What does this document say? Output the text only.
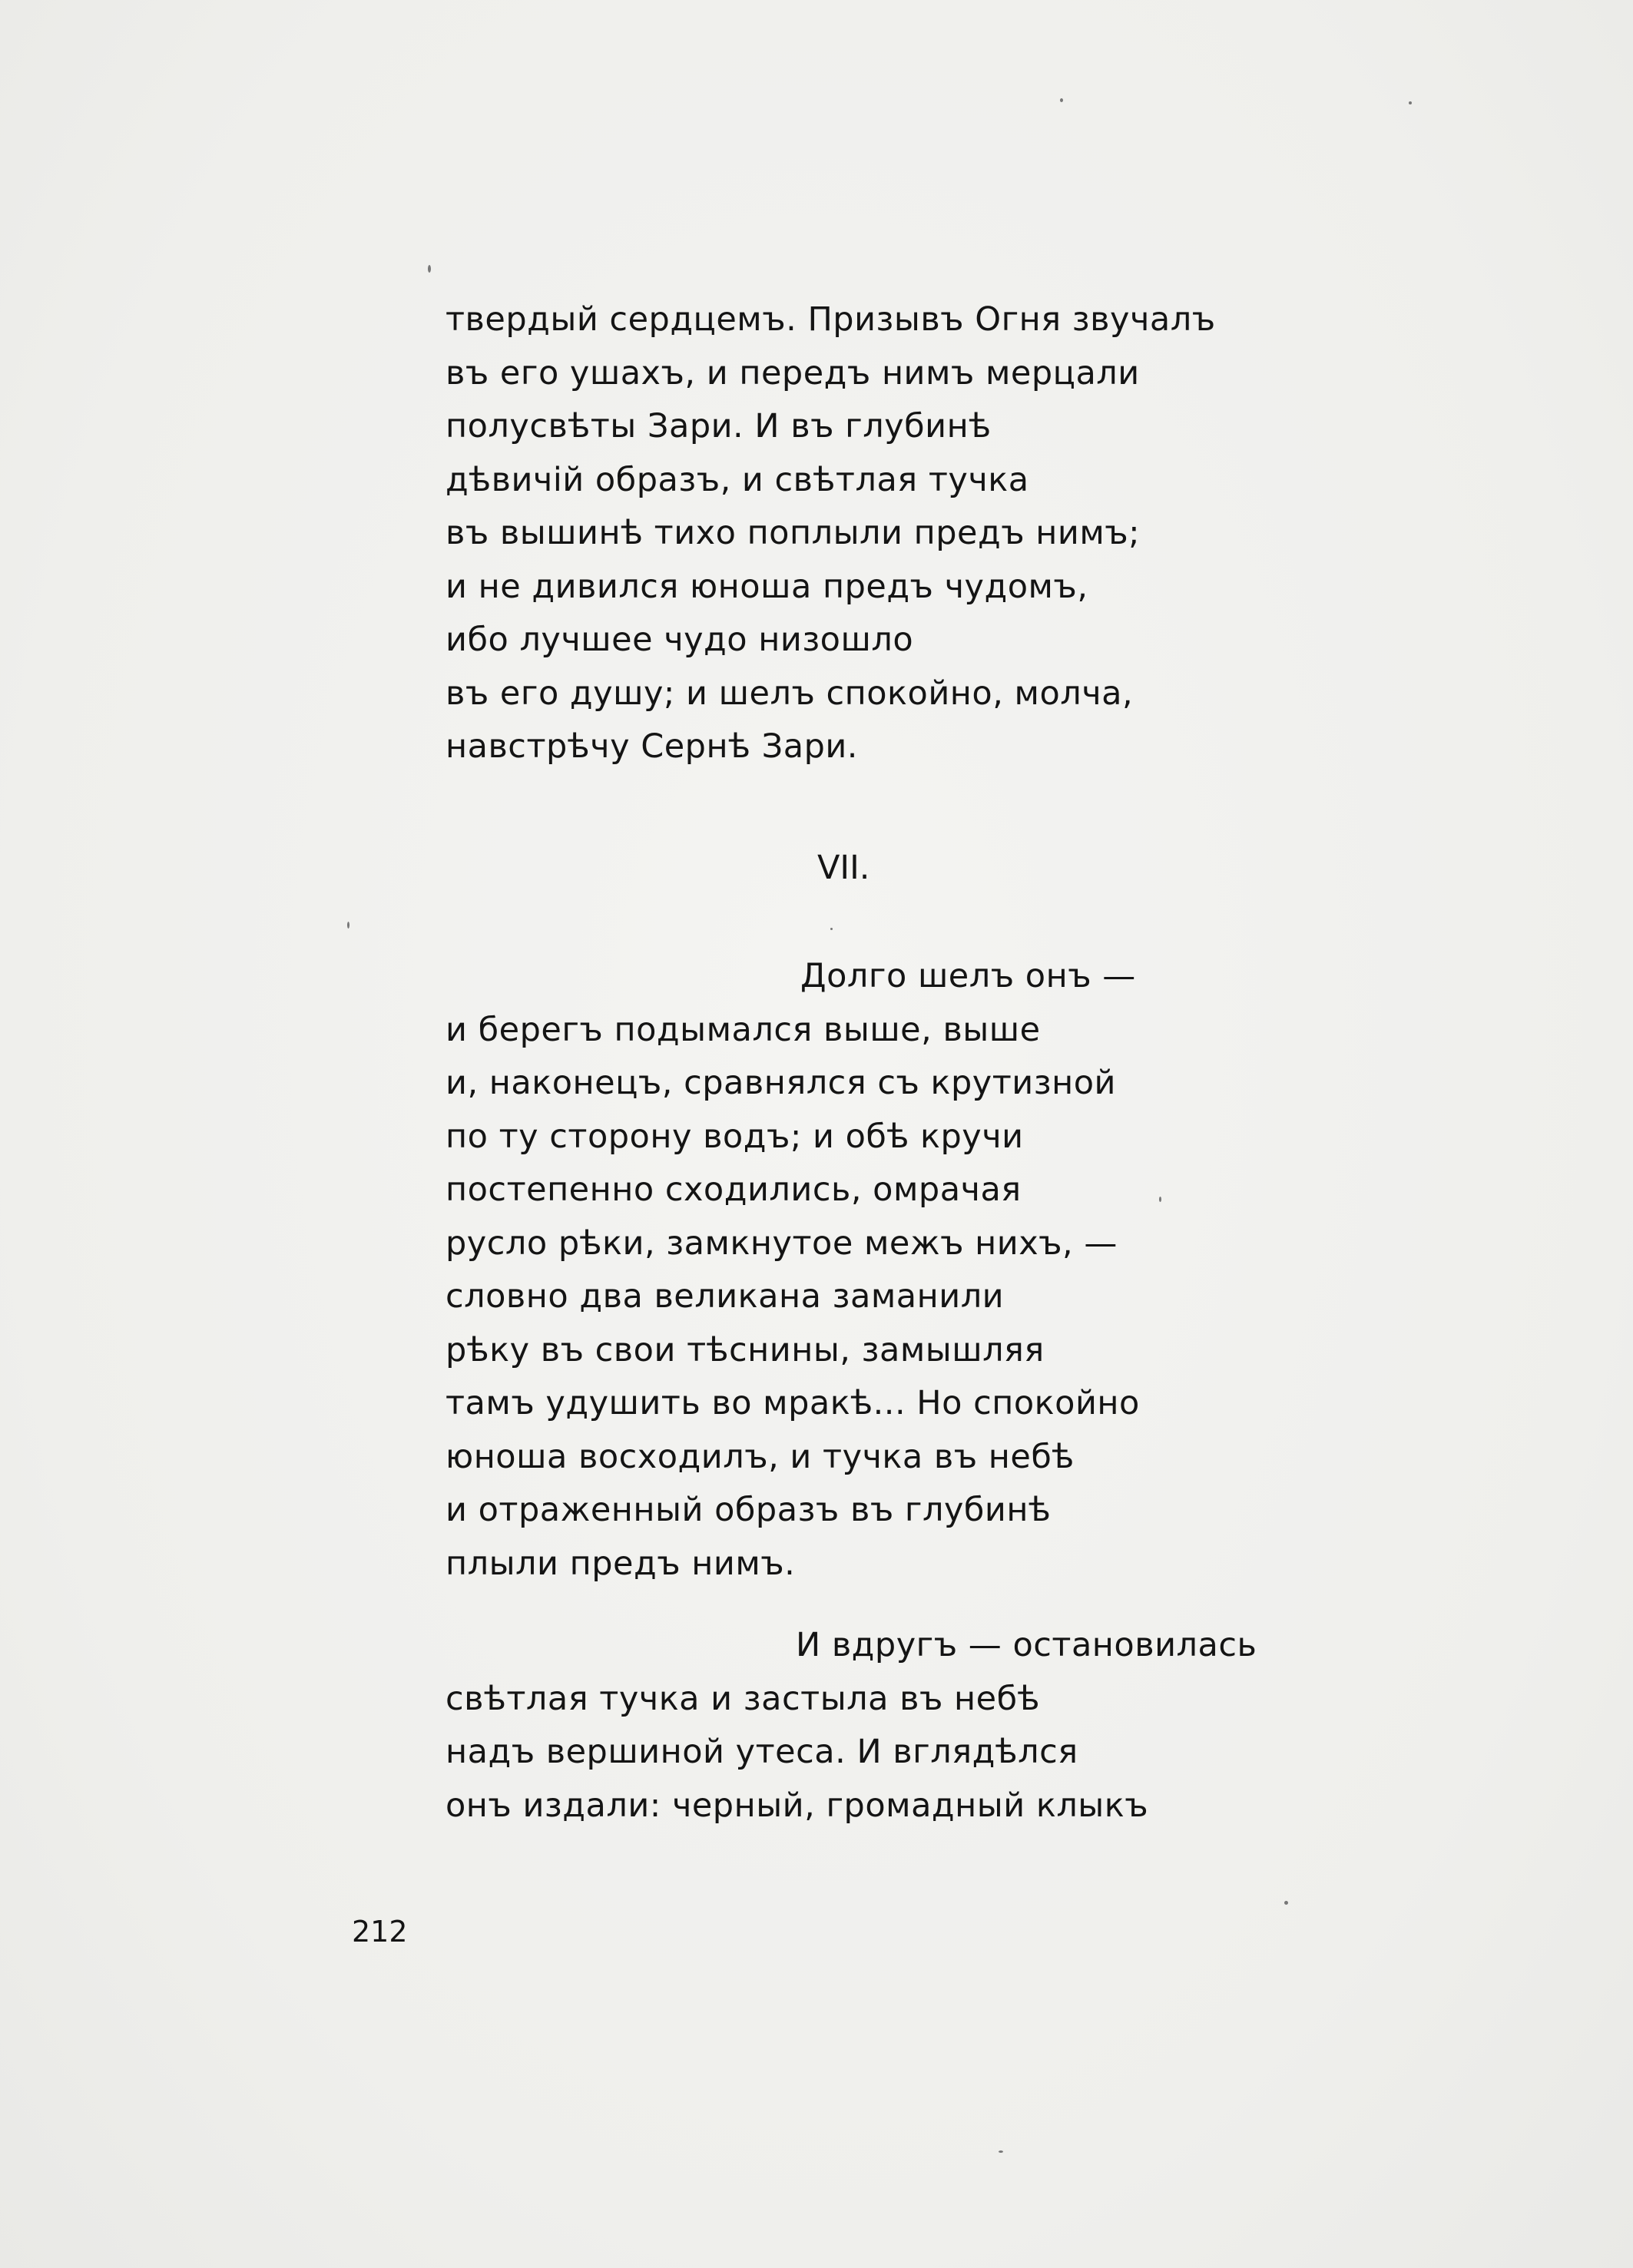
твердый сердцемъ. Призывъ Огня звучалъ
въ его ушахъ, и передъ нимъ мерцали
полусвѣты Зари. И въ глубинѣ
дѣвичій образъ, и свѣтлая тучка
въ вышинѣ тихо поплыли предъ нимъ;
и не дивился юноша предъ чудомъ,
ибо лучшее чудо низошло
въ его душу; и шелъ спокойно, молча,
навстрѣчу Сернѣ Зари.
VII.
Долго шелъ онъ —
и берегъ подымался выше, выше
и, наконецъ, сравнялся съ крутизной
по ту сторону водъ; и обѣ кручи
постепенно сходились, омрачая
русло рѣки, замкнутое межъ нихъ, —
словно два великана заманили
рѣку въ свои тѣснины, замышляя
тамъ удушить во мракѣ... Но спокойно
юноша восходилъ, и тучка въ небѣ
и отраженный образъ въ глубинѣ
плыли предъ нимъ.
И вдругъ — остановилась
свѣтлая тучка и застыла въ небѣ
надъ вершиной утеса. И вглядѣлся
онъ издали: черный, громадный клыкъ
212
